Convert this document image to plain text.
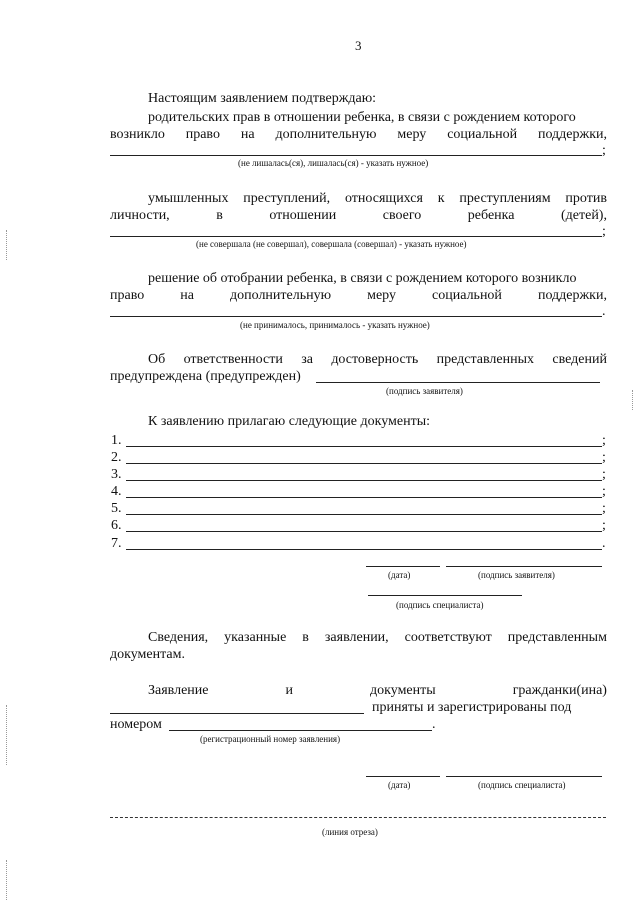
3
Настоящим заявлением подтверждаю:
родительских прав в отношении ребенка, в связи с рождением которого
возникло право на дополнительную меру социальной поддержки,
;
(не лишалась(ся), лишалась(ся) - указать нужное)
умышленных преступлений, относящихся к преступлениям против
личности,	в	отношении	своего	ребенка	(детей),
;
(не совершала (не совершал), совершала (совершал) - указать нужное)
решение об отобрании ребенка, в связи с рождением которого возникло
право	на	дополнительную	меру	социальной	поддержки,
.
(не принималось, принималось - указать нужное)
Об ответственности за достоверность представленных сведений
предупреждена (предупрежден)
(подпись заявителя)
К заявлению прилагаю следующие документы:
1.	;
2.	;
3.	;
4.	;
5.	;
6.	;
7.	.
(дата)	(подпись заявителя)
(подпись специалиста)
Сведения, указанные в заявлении, соответствуют представленным
документам.
Заявление	и	документы	гражданки(ина)
приняты и зарегистрированы под
номером	.
(регистрационный номер заявления)
(дата)	(подпись специалиста)
(линия отреза)
